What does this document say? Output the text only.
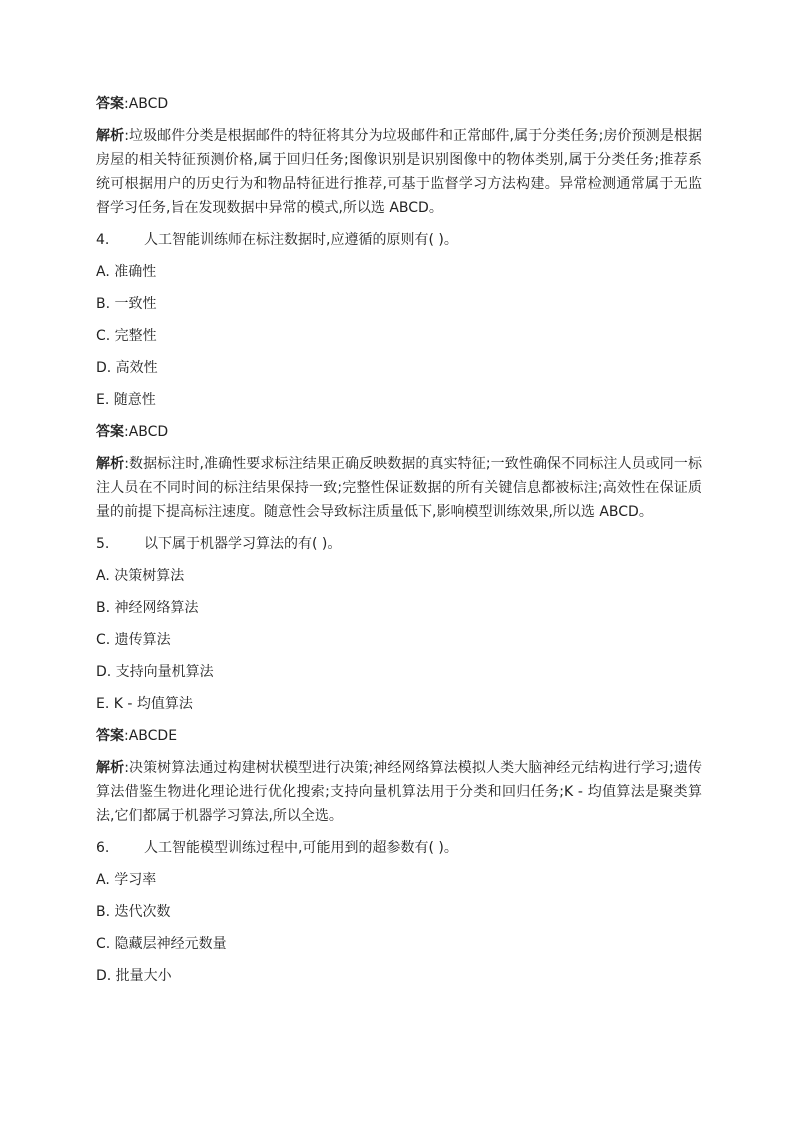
答案:ABCD

解析:垃圾邮件分类是根据邮件的特征将其分为垃圾邮件和正常邮件,属于分类任务;房价预测是根据房屋的相关特征预测价格,属于回归任务;图像识别是识别图像中的物体类别,属于分类任务;推荐系统可根据用户的历史行为和物品特征进行推荐,可基于监督学习方法构建。异常检测通常属于无监督学习任务,旨在发现数据中异常的模式,所以选 ABCD。

4. 人工智能训练师在标注数据时,应遵循的原则有( )。

A. 准确性

B. 一致性

C. 完整性

D. 高效性

E. 随意性

答案:ABCD

解析:数据标注时,准确性要求标注结果正确反映数据的真实特征;一致性确保不同标注人员或同一标注人员在不同时间的标注结果保持一致;完整性保证数据的所有关键信息都被标注;高效性在保证质量的前提下提高标注速度。随意性会导致标注质量低下,影响模型训练效果,所以选 ABCD。

5. 以下属于机器学习算法的有( )。

A. 决策树算法

B. 神经网络算法

C. 遗传算法

D. 支持向量机算法

E. K - 均值算法

答案:ABCDE

解析:决策树算法通过构建树状模型进行决策;神经网络算法模拟人类大脑神经元结构进行学习;遗传算法借鉴生物进化理论进行优化搜索;支持向量机算法用于分类和回归任务;K - 均值算法是聚类算法,它们都属于机器学习算法,所以全选。

6. 人工智能模型训练过程中,可能用到的超参数有( )。

A. 学习率

B. 迭代次数

C. 隐藏层神经元数量

D. 批量大小
